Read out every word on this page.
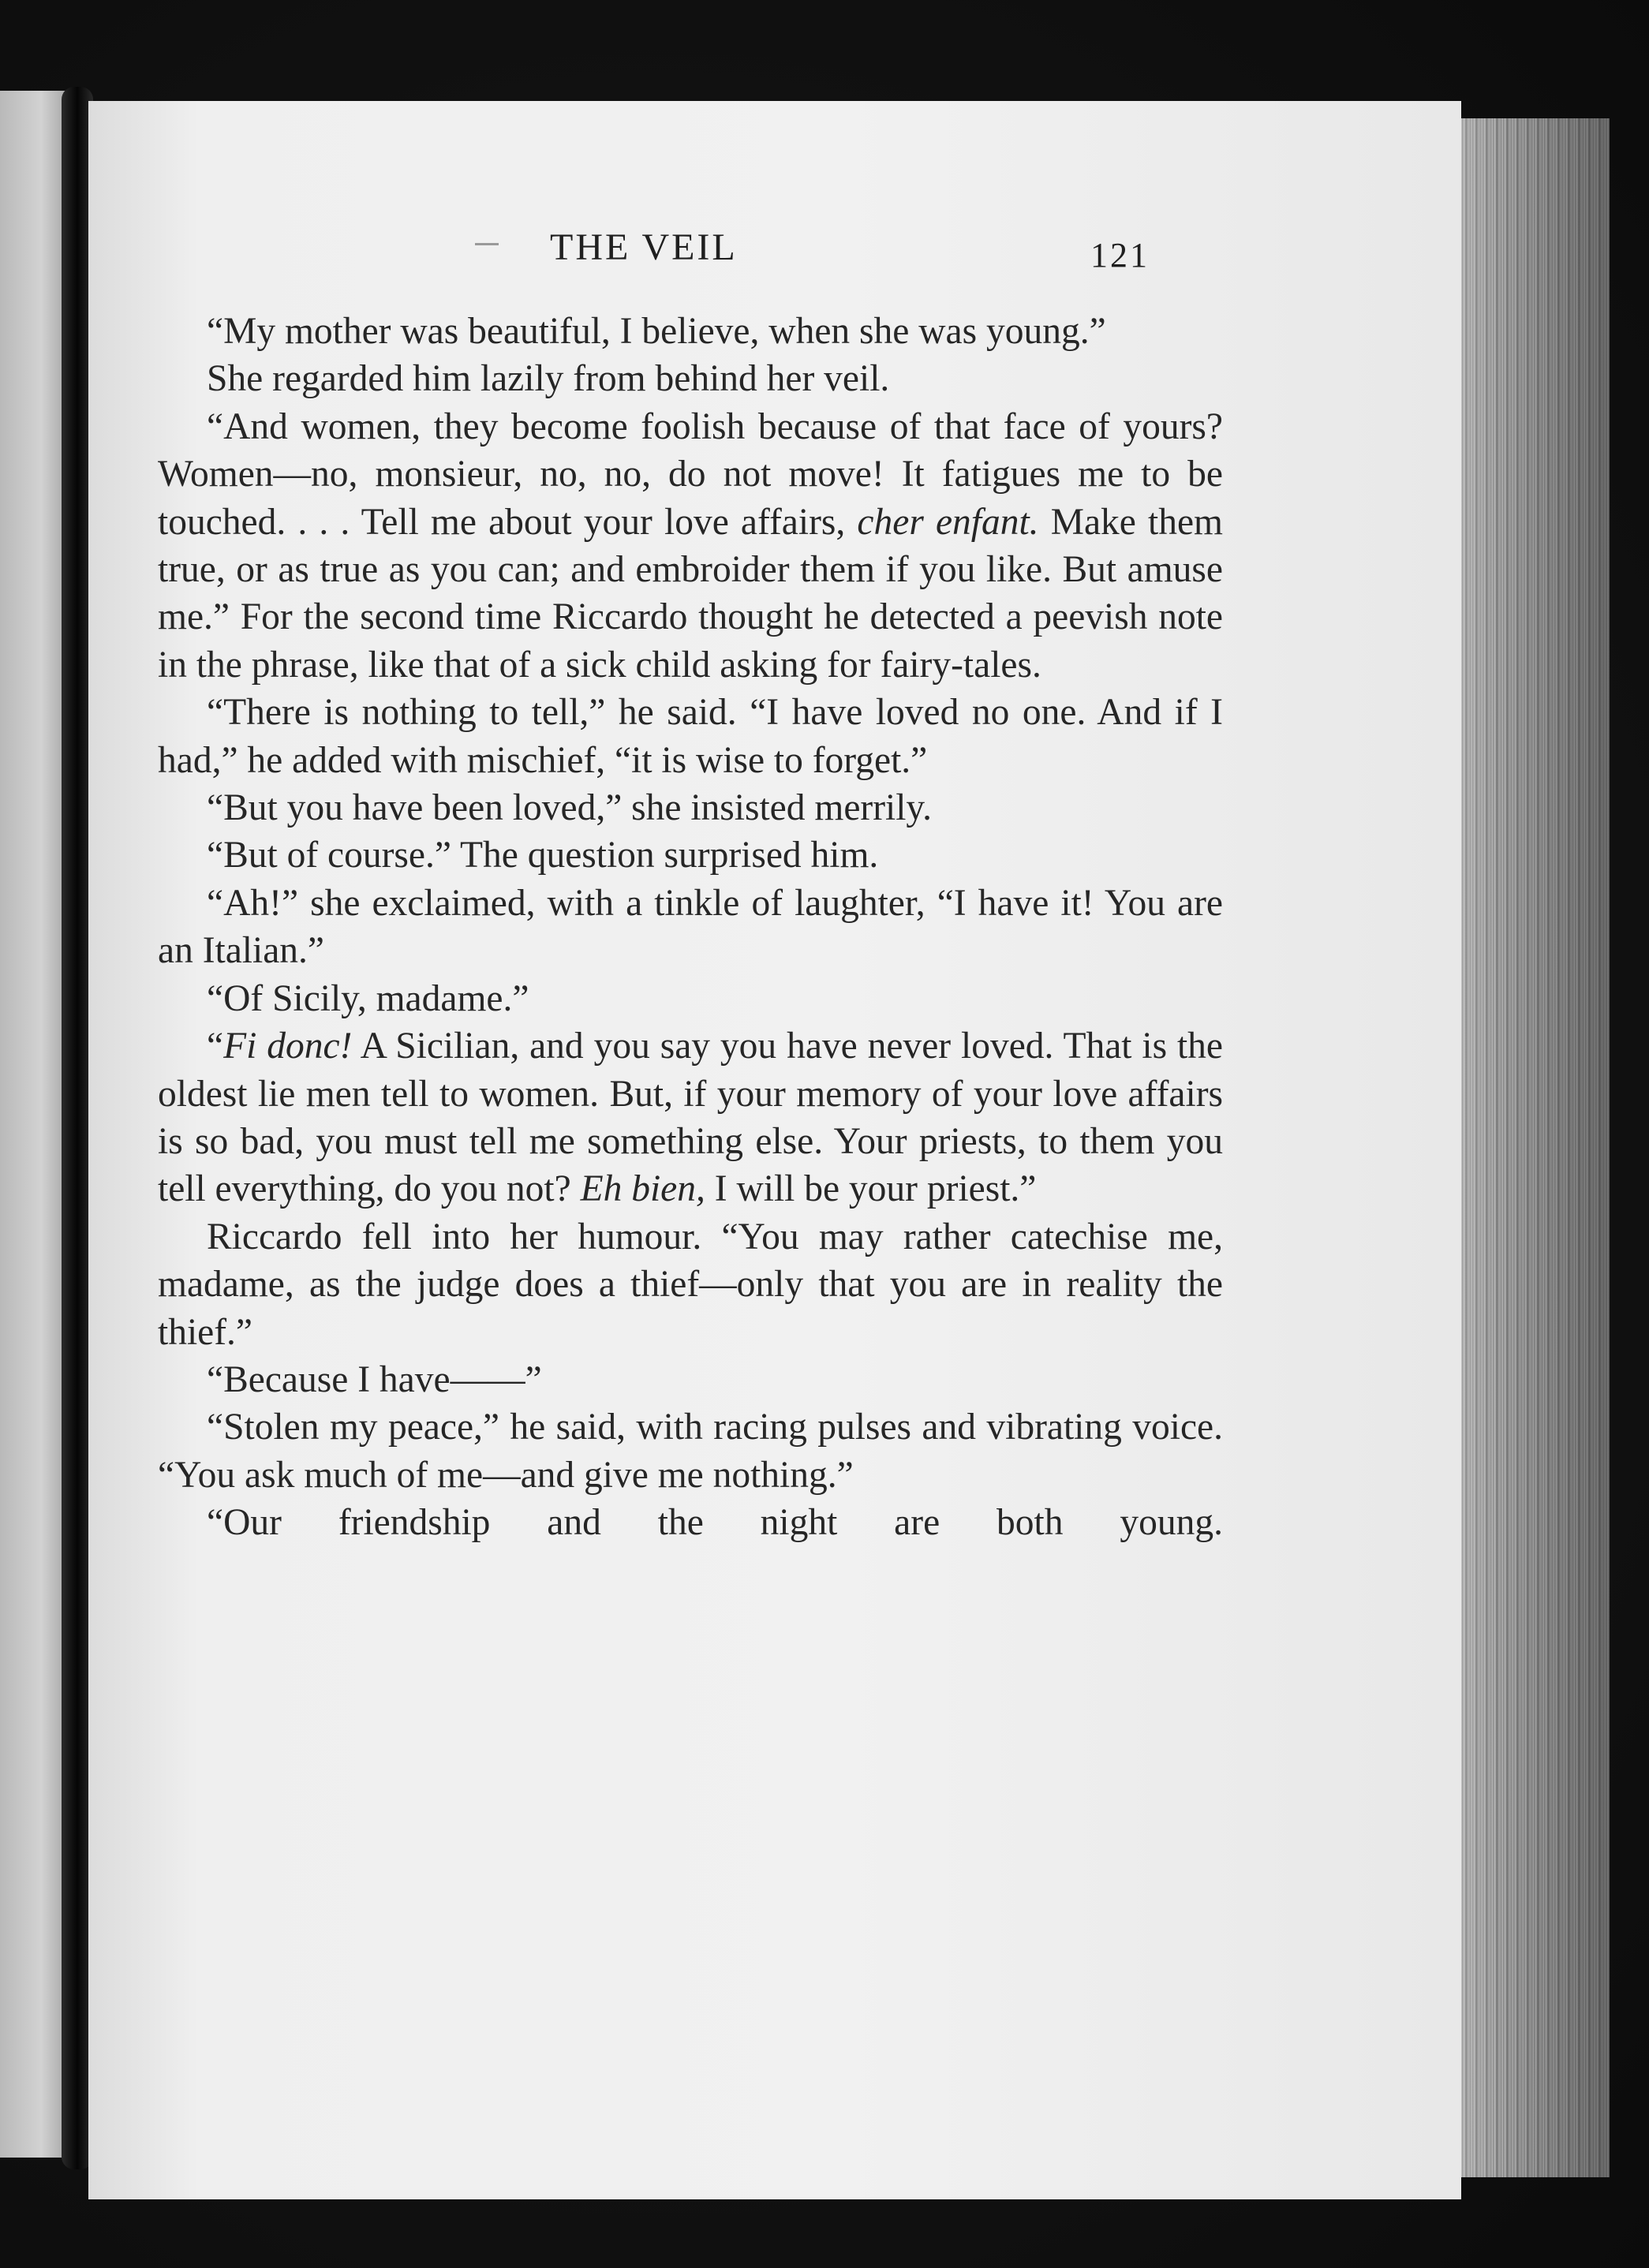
THE VEIL	121

“My mother was beautiful, I believe, when she was young.”

She regarded him lazily from behind her veil.

“And women, they become foolish because of that face of yours? Women—no, monsieur, no, no, do not move! It fatigues me to be touched. . . . Tell me about your love affairs, cher enfant. Make them true, or as true as you can; and embroider them if you like. But amuse me.” For the second time Riccardo thought he detected a peevish note in the phrase, like that of a sick child asking for fairy-tales.

“There is nothing to tell,” he said. “I have loved no one. And if I had,” he added with mischief, “it is wise to forget.”

“But you have been loved,” she insisted merrily.

“But of course.” The question surprised him.

“Ah!” she exclaimed, with a tinkle of laughter, “I have it! You are an Italian.”

“Of Sicily, madame.”

“Fi donc! A Sicilian, and you say you have never loved. That is the oldest lie men tell to women. But, if your memory of your love affairs is so bad, you must tell me something else. Your priests, to them you tell everything, do you not? Eh bien, I will be your priest.”

Riccardo fell into her humour. “You may rather catechise me, madame, as the judge does a thief—only that you are in reality the thief.”

“Because I have——”

“Stolen my peace,” he said, with racing pulses and vibrating voice. “You ask much of me—and give me nothing.”

“Our friendship and the night are both young.
